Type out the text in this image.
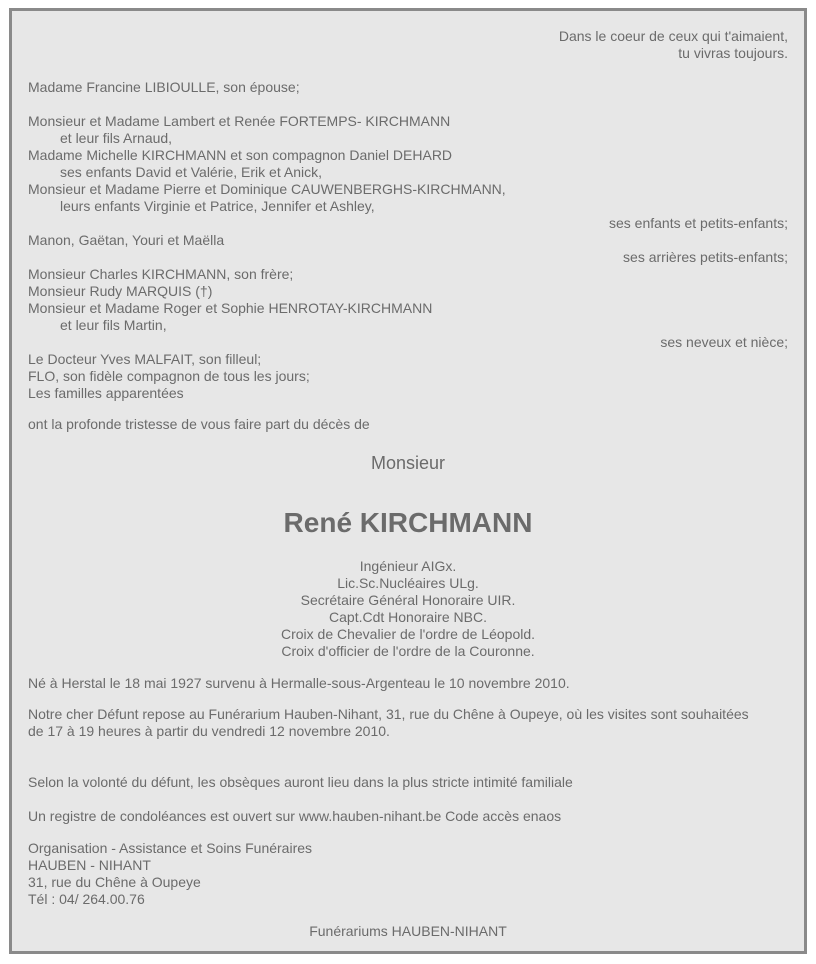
Dans le coeur de ceux qui t'aimaient,
tu vivras toujours.
Madame Francine LIBIOULLE, son épouse;
Monsieur et Madame Lambert et Renée FORTEMPS- KIRCHMANN
et leur fils Arnaud,
Madame Michelle KIRCHMANN et son compagnon Daniel DEHARD
ses enfants David et Valérie, Erik et Anick,
Monsieur et Madame Pierre et Dominique CAUWENBERGHS-KIRCHMANN,
leurs enfants Virginie et Patrice, Jennifer et Ashley,
ses enfants et petits-enfants;
Manon, Gaëtan, Youri et Maëlla
ses arrières petits-enfants;
Monsieur Charles KIRCHMANN, son frère;
Monsieur Rudy MARQUIS (†)
Monsieur et Madame Roger et Sophie HENROTAY-KIRCHMANN
et leur fils Martin,
ses neveux et nièce;
Le Docteur Yves MALFAIT, son filleul;
FLO, son fidèle compagnon de tous les jours;
Les familles apparentées
ont la profonde tristesse de vous faire part du décès de
Monsieur
René KIRCHMANN
Ingénieur AIGx.
Lic.Sc.Nucléaires ULg.
Secrétaire Général Honoraire UIR.
Capt.Cdt Honoraire NBC.
Croix de Chevalier de l'ordre de Léopold.
Croix d'officier de l'ordre de la Couronne.
Né à Herstal le 18 mai 1927 survenu à Hermalle-sous-Argenteau le 10 novembre 2010.
Notre cher Défunt repose au Funérarium Hauben-Nihant, 31, rue du Chêne à Oupeye, où les visites sont souhaitées
de 17 à 19 heures à partir du vendredi 12 novembre 2010.
Selon la volonté du défunt, les obsèques auront lieu dans la plus stricte intimité familiale
Un registre de condoléances est ouvert sur www.hauben-nihant.be Code accès enaos
Organisation - Assistance et Soins Funéraires
HAUBEN - NIHANT
31, rue du Chêne à Oupeye
Tél : 04/ 264.00.76
Funérariums HAUBEN-NIHANT
